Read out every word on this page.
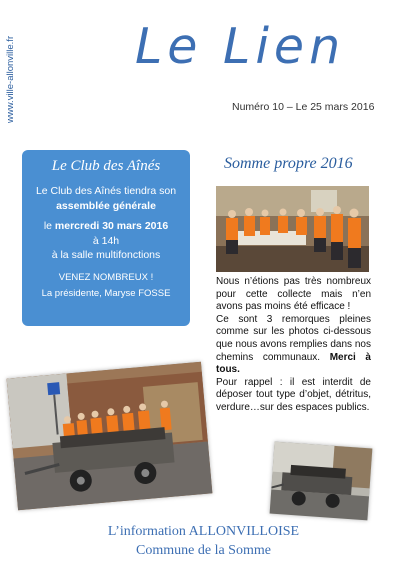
www.ville-allonville.fr Le Lien
Numéro 10 – Le 25 mars 2016
Le Club des Aînés
Le Club des Aînés tiendra son
assemblée générale
le mercredi 30 mars 2016
à 14h
à la salle multifonctions
VENEZ NOMBREUX !
La présidente, Maryse FOSSE
Somme propre 2016

Nous n’étions pas très nombreux pour cette collecte mais n’en avons pas moins été efficace !

Ce sont 3 remorques pleines comme sur les photos ci-dessous que nous avons remplies dans nos chemins communaux. Merci à tous.

Pour rappel : il est interdit de déposer tout type d’objet, détritus, verdure…sur des espaces publics.

L’information ALLONVILLOISE
Commune de la Somme
